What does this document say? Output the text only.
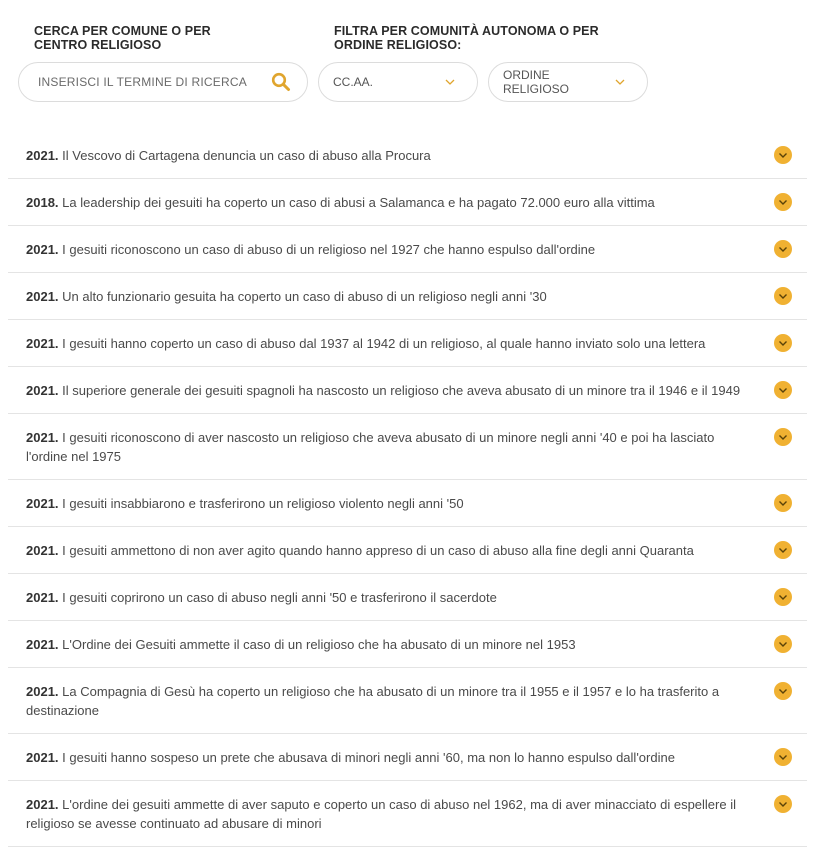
CERCA PER COMUNE O PER CENTRO RELIGIOSO
FILTRA PER COMUNITÀ AUTONOMA O PER ORDINE RELIGIOSO:
INSERISCI IL TERMINE DI RICERCA
CC.AA.	ORDINE RELIGIOSO
2021. Il Vescovo di Cartagena denuncia un caso di abuso alla Procura
2018. La leadership dei gesuiti ha coperto un caso di abusi a Salamanca e ha pagato 72.000 euro alla vittima
2021. I gesuiti riconoscono un caso di abuso di un religioso nel 1927 che hanno espulso dall'ordine
2021. Un alto funzionario gesuita ha coperto un caso di abuso di un religioso negli anni '30
2021. I gesuiti hanno coperto un caso di abuso dal 1937 al 1942 di un religioso, al quale hanno inviato solo una lettera
2021. Il superiore generale dei gesuiti spagnoli ha nascosto un religioso che aveva abusato di un minore tra il 1946 e il 1949
2021. I gesuiti riconoscono di aver nascosto un religioso che aveva abusato di un minore negli anni '40 e poi ha lasciato l'ordine nel 1975
2021. I gesuiti insabbiarono e trasferirono un religioso violento negli anni '50
2021. I gesuiti ammettono di non aver agito quando hanno appreso di un caso di abuso alla fine degli anni Quaranta
2021. I gesuiti coprirono un caso di abuso negli anni '50 e trasferirono il sacerdote
2021. L'Ordine dei Gesuiti ammette il caso di un religioso che ha abusato di un minore nel 1953
2021. La Compagnia di Gesù ha coperto un religioso che ha abusato di un minore tra il 1955 e il 1957 e lo ha trasferito a destinazione
2021. I gesuiti hanno sospeso un prete che abusava di minori negli anni '60, ma non lo hanno espulso dall'ordine
2021. L'ordine dei gesuiti ammette di aver saputo e coperto un caso di abuso nel 1962, ma di aver minacciato di espellere il religioso se avesse continuato ad abusare di minori
